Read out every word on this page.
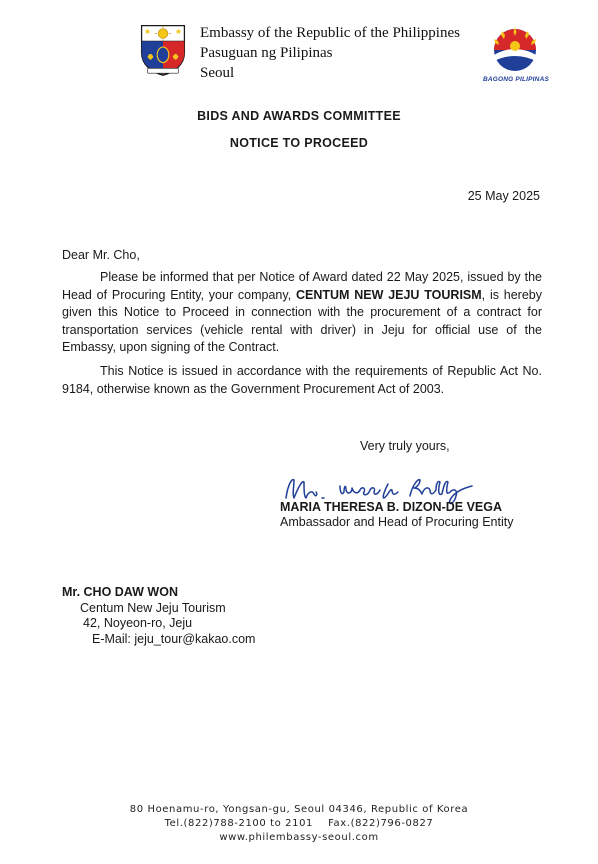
Embassy of the Republic of the Philippines
Pasuguan ng Pilipinas
Seoul	BAGONG PILIPINAS
BIDS AND AWARDS COMMITTEE
NOTICE TO PROCEED
25 May 2025
Dear Mr. Cho,
Please be informed that per Notice of Award dated 22 May 2025, issued by the
Head of Procuring Entity, your company, CENTUM NEW JEJU TOURISM, is hereby
given this Notice to Proceed in connection with the procurement of a contract for
transportation services (vehicle rental with driver) in Jeju for official use of the
Embassy, upon signing of the Contract.
This Notice is issued in accordance with the requirements of Republic Act No.
9184, otherwise known as the Government Procurement Act of 2003.
Very truly yours,
MARIA THERESA B. DIZON-DE VEGA
Ambassador and Head of Procuring Entity
Mr. CHO DAW WON
Centum New Jeju Tourism
42, Noyeon-ro, Jeju
E-Mail: jeju_tour@kakao.com
80 Hoenamu-ro, Yongsan-gu, Seoul 04346, Republic of Korea
Tel.(822)788-2100 to 2101    Fax.(822)796-0827
www.philembassy-seoul.com
